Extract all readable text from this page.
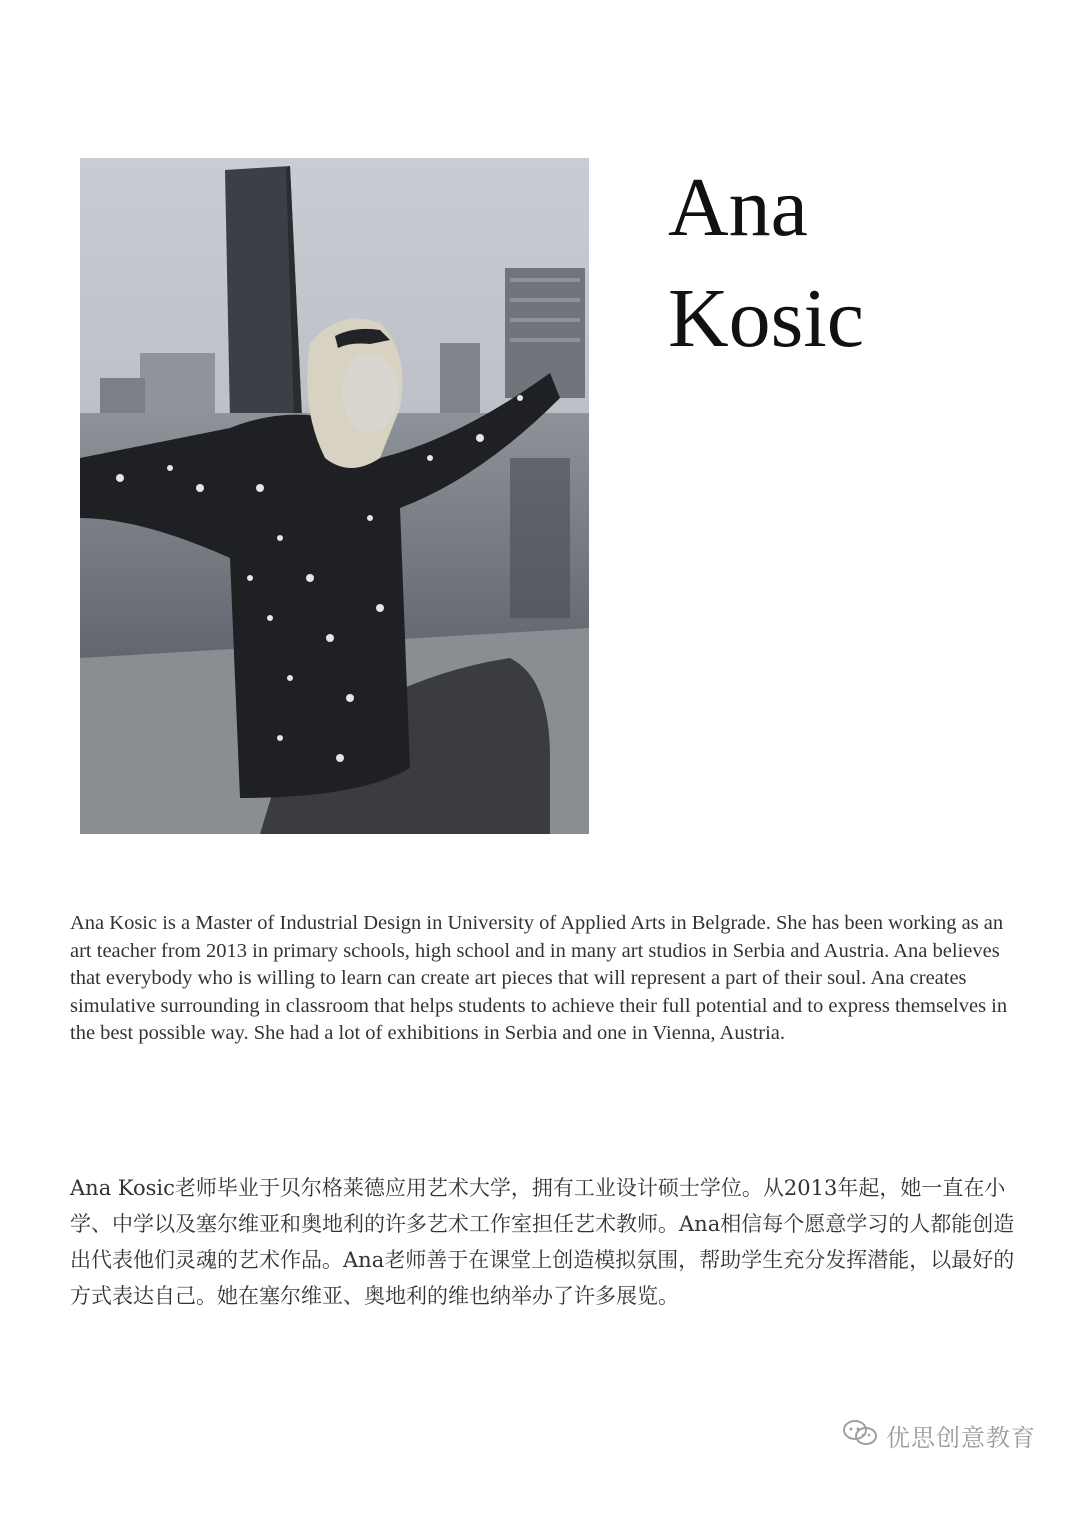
Ana
Kosic

Ana Kosic is a Master of Industrial Design in University of Applied Arts in Belgrade. She has been working as an art teacher from 2013 in primary schools, high school and in many art studios in Serbia and Austria. Ana believes that everybody who is willing to learn can create art pieces that will represent a part of their soul. Ana creates simulative surrounding in classroom that helps students to achieve their full potential and to express themselves in the best possible way. She had a lot of exhibitions in Serbia and one in Vienna, Austria.

Ana Kosic老师毕业于贝尔格莱德应用艺术大学，拥有工业设计硕士学位。从2013年起，她一直在小学、中学以及塞尔维亚和奥地利的许多艺术工作室担任艺术教师。Ana相信每个愿意学习的人都能创造出代表他们灵魂的艺术作品。Ana老师善于在课堂上创造模拟氛围，帮助学生充分发挥潜能，以最好的方式表达自己。她在塞尔维亚、奥地利的维也纳举办了许多展览。

优思创意教育
